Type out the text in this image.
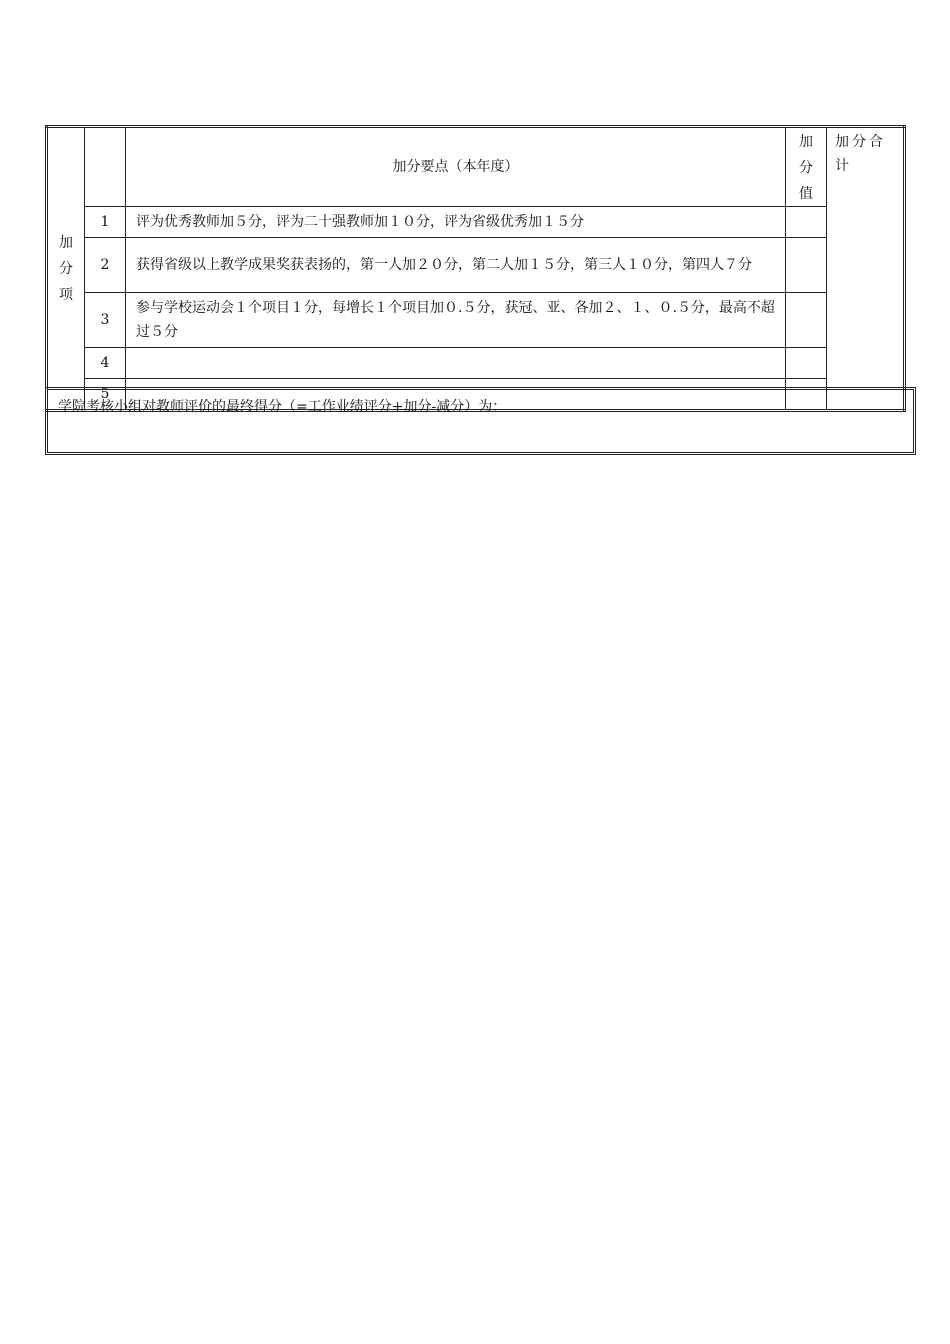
加
分
项		加分要点（本年度）	加
分
值	加分合计
	1	评为优秀教师加５分，评为二十强教师加１０分，评为省级优秀加１５分		
	2	获得省级以上教学成果奖获表扬的，第一人加２０分，第二人加１５分，第三人１０分，第四人７分		
	3	参与学校运动会１个项目１分，每增长１个项目加０.５分，获冠、亚、各加２、１、０.５分，最高不超过５分		
	4			
	5			
学院考核小组对教师评价的最终得分（=工作业绩评分+加分-减分）为：
